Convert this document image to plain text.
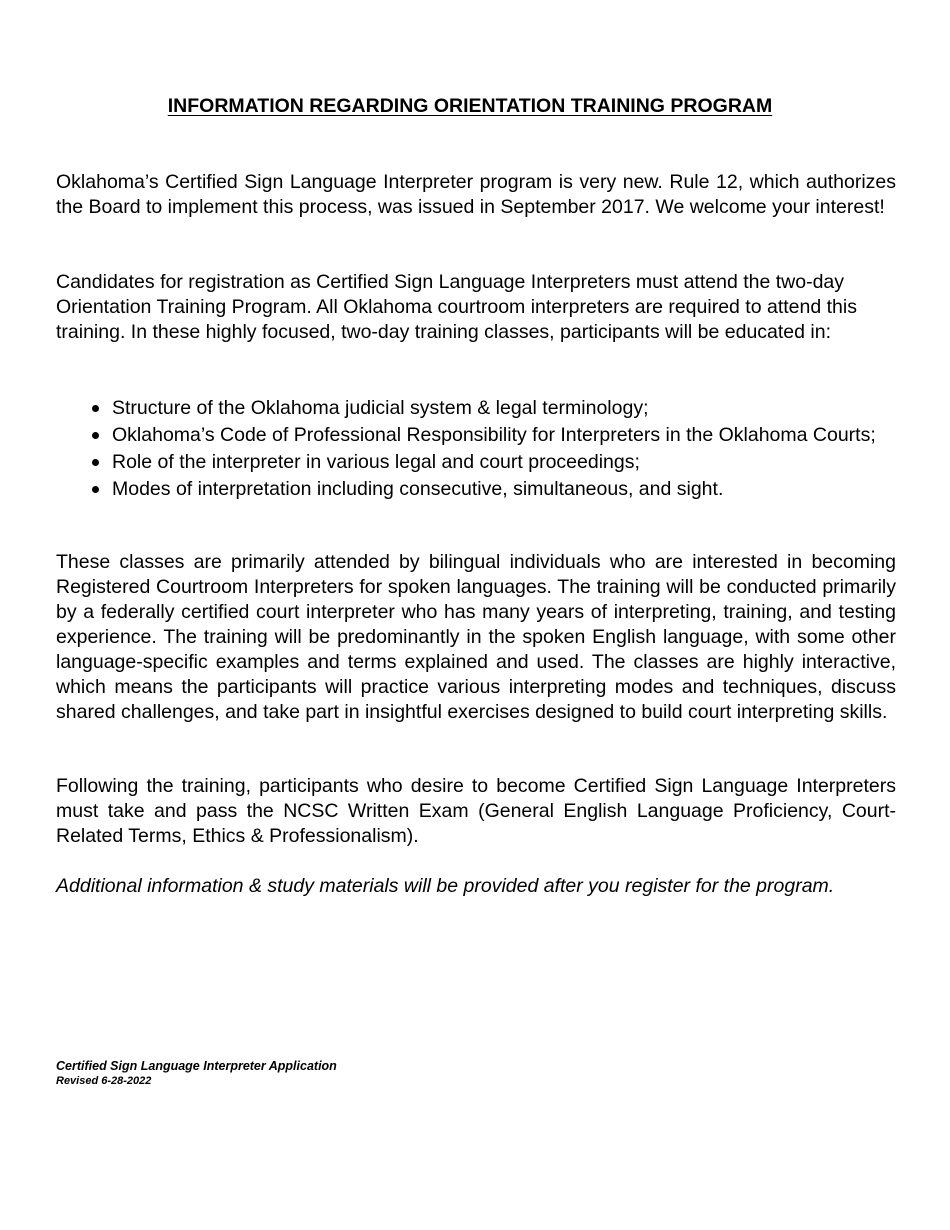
INFORMATION REGARDING ORIENTATION TRAINING PROGRAM

Oklahoma’s Certified Sign Language Interpreter program is very new. Rule 12, which authorizes the Board to implement this process, was issued in September 2017. We welcome your interest!

Candidates for registration as Certified Sign Language Interpreters must attend the two-day Orientation Training Program. All Oklahoma courtroom interpreters are required to attend this training. In these highly focused, two-day training classes, participants will be educated in:

Structure of the Oklahoma judicial system & legal terminology;
Oklahoma’s Code of Professional Responsibility for Interpreters in the Oklahoma Courts;
Role of the interpreter in various legal and court proceedings;
Modes of interpretation including consecutive, simultaneous, and sight.

These classes are primarily attended by bilingual individuals who are interested in becoming Registered Courtroom Interpreters for spoken languages. The training will be conducted primarily by a federally certified court interpreter who has many years of interpreting, training, and testing experience. The training will be predominantly in the spoken English language, with some other language-specific examples and terms explained and used. The classes are highly interactive, which means the participants will practice various interpreting modes and techniques, discuss shared challenges, and take part in insightful exercises designed to build court interpreting skills.

Following the training, participants who desire to become Certified Sign Language Interpreters must take and pass the NCSC Written Exam (General English Language Proficiency, Court-Related Terms, Ethics & Professionalism).

Additional information & study materials will be provided after you register for the program.

Certified Sign Language Interpreter Application
Revised 6-28-2022
